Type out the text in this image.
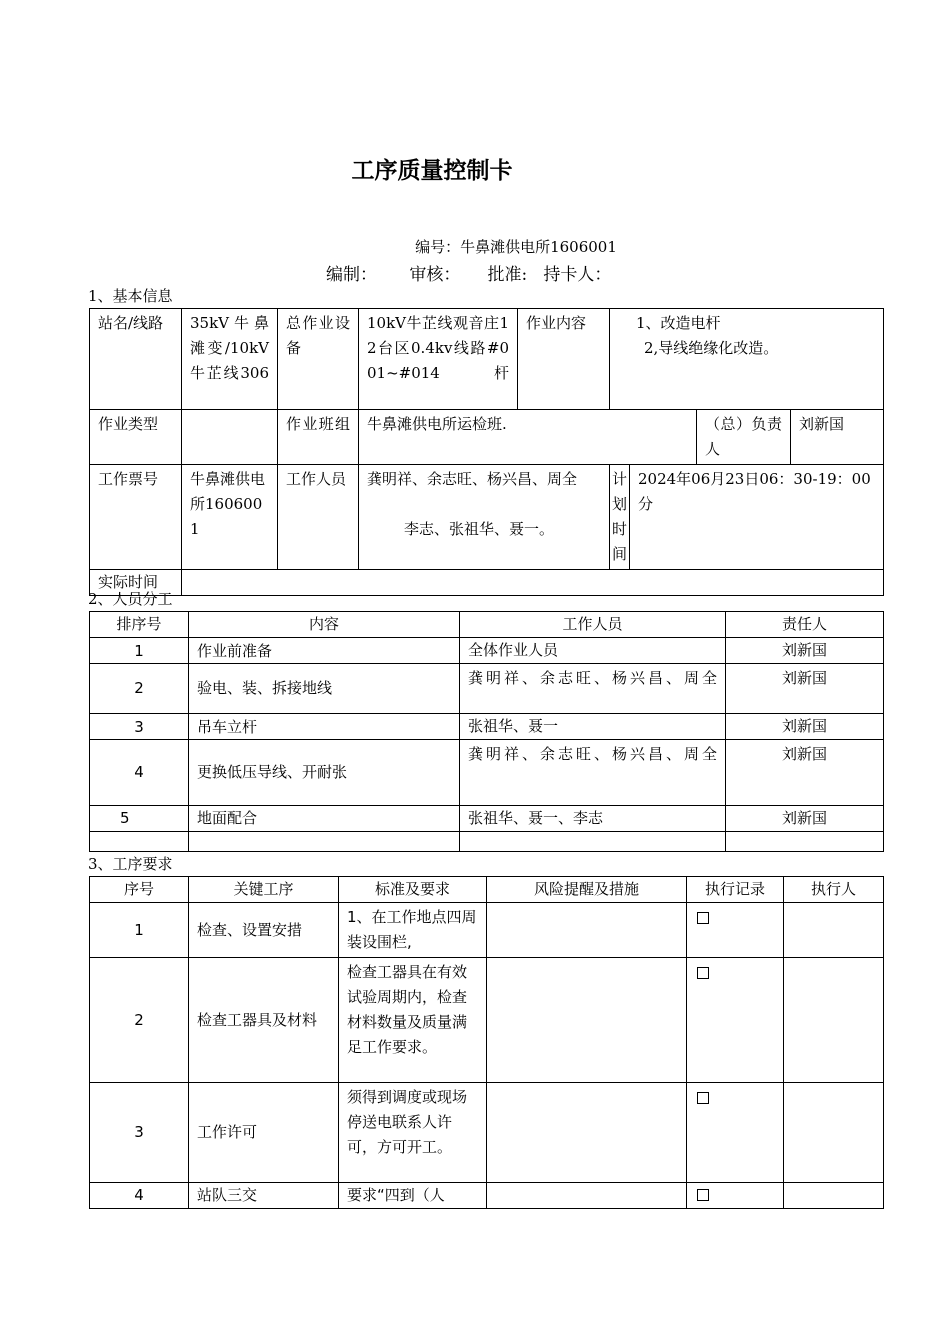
工序质量控制卡
编号：牛鼻滩供电所1606001
编制：      审核：     批准:   持卡人：
1、基本信息
站名/线路	35kV牛鼻滩变/10kV牛芷线306	总作业设备	10kV牛芷线观音庄12台区0.4kv线路#001~#014杆	作业内容	1、改造电杆
2,导线绝缘化改造。			

作业类型		作业班组	牛鼻滩供电所运检班.				（总）负责人	刘新国
工作票号	牛鼻滩供电所1606001	工作人员	龚明祥、余志旺、杨兴昌、周全
李志、张祖华、聂一。		计划时间	2024年06月23日06：30-19：00分		
实际时间								
2、人员分工
排序号	内容	工作人员	责任人
1	作业前准备	全体作业人员	刘新国
2	验电、装、拆接地线	龚明祥、余志旺、杨兴昌、周全	刘新国
3	吊车立杆	张祖华、聂一	刘新国
4	更换低压导线、开耐张	龚明祥、余志旺、杨兴昌、周全	刘新国
5	地面配合	张祖华、聂一、李志	刘新国

3、工序要求
序号	关键工序	标准及要求	风险提醒及措施	执行记录	执行人
1	检查、设置安措	1、在工作地点四周装设围栏,			
2	检查工器具及材料	检查工器具在有效试验周期内，检查材料数量及质量满足工作要求。			
3	工作许可	须得到调度或现场停送电联系人许可，方可开工。			
4	站队三交	要求“四到（人			
